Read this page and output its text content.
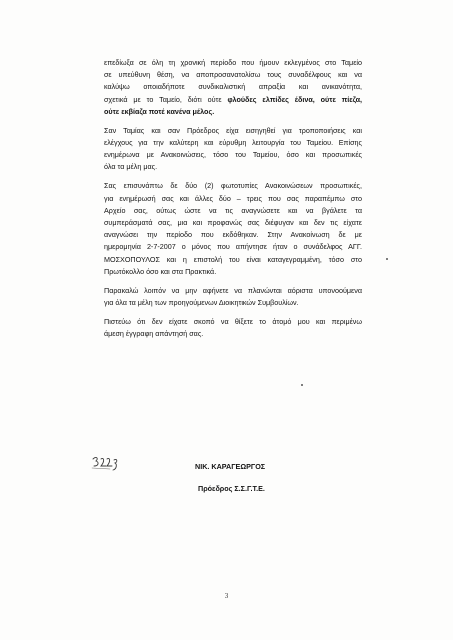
επεδίωξα σε όλη τη χρονική περίοδο που ήμουν εκλεγμένος στο Ταμείο
σε υπεύθυνη θέση, να αποπροσανατολίσω τους συναδέλφους και να
καλύψω οποιαδήποτε συνδικαλιστική απραξία και ανικανότητα,
σχετικά με το Ταμείο, διότι ούτε φλούδες ελπίδες έδινα, ούτε πίεζα,
ούτε εκβίαζα ποτέ κανένα μέλος.
Σαν Ταμίας και σαν Πρόεδρος είχα εισηγηθεί για τροποποιήσεις και
ελέγχους για την καλύτερη και εύρυθμη λειτουργία του Ταμείου. Επίσης
ενημέρωνα με Ανακοινώσεις, τόσο του Ταμείου, όσο και προσωπικές
όλα τα μέλη μας.
Σας επισυνάπτω δε δύο (2) φωτοτυπίες Ανακοινώσεων προσωπικές,
για ενημέρωσή σας και άλλες δύο – τρεις που σας παραπέμπω στο
Αρχείο σας, ούτως ώστε να τις αναγνώσετε και να βγάλετε τα
συμπεράσματά σας, μια και προφανώς σας διέφυγαν και δεν τις είχατε
αναγνώσει την περίοδο που εκδόθηκαν. Στην Ανακοίνωση δε με
ημερομηνία 2-7-2007 ο μόνος που απήντησε ήταν ο συνάδελφος ΑΓΓ.
ΜΟΣΧΟΠΟΥΛΟΣ και η επιστολή του είναι καταγεγραμμένη, τόσο στο
Πρωτόκολλο όσο και στα Πρακτικά.
Παρακαλώ λοιπόν να μην αφήνετε να πλανώνται αόριστα υπονοούμενα
για όλα τα μέλη των προηγούμενων Διοικητικών Συμβουλίων.
Πιστεύω ότι δεν είχατε σκοπό να θίξετε το άτομό μου και περιμένω
άμεση έγγραφη απάντησή σας.
ΝΙΚ. ΚΑΡΑΓΕΩΡΓΟΣ
Πρόεδρος Σ.Σ.Γ.Τ.Ε.
3
